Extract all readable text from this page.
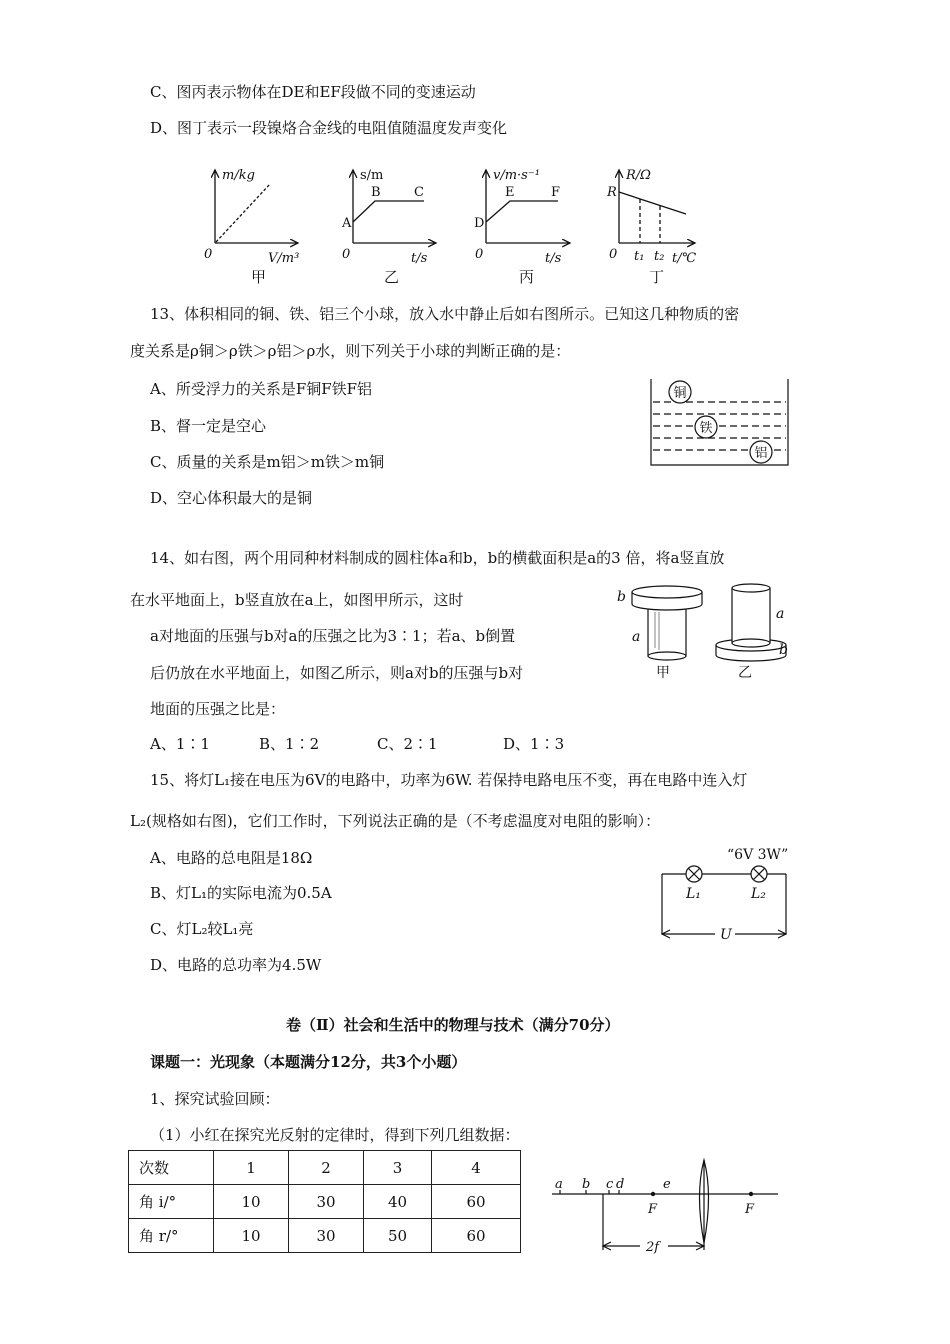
C、图丙表示物体在DE和EF段做不同的变速运动
D、图丁表示一段镍烙合金线的电阻值随温度发声变化
m/kg
V/m³
0
甲
s/m
t/s
0
A
B	C
乙
v/m·s⁻¹
t/s
0
D
E	F
丙
R/Ω
t/℃
0
R
t₁ t₂
丁
13、体积相同的铜、铁、铝三个小球，放入水中静止后如右图所示。已知这几种物质的密
度关系是ρ铜＞ρ铁＞ρ铝＞ρ水，则下列关于小球的判断正确的是：
A、所受浮力的关系是F铜F铁F铝
B、督一定是空心
C、质量的关系是m铝＞m铁＞m铜
D、空心体积最大的是铜
铜
铁
铝
14、如右图，两个用同种材料制成的圆柱体a和b，b的横截面积是a的3 倍，将a竖直放
在水平地面上，b竖直放在a上，如图甲所示，这时
a对地面的压强与b对a的压强之比为3∶1；若a、b倒置
后仍放在水平地面上，如图乙所示，则a对b的压强与b对
地面的压强之比是：
A、1∶1	B、1∶2	C、2∶1	D、1∶3
b
a
甲
a
b
乙
15、将灯L₁接在电压为6V的电路中，功率为6W. 若保持电路电压不变，再在电路中连入灯
L₂(规格如右图)，它们工作时，下列说法正确的是（不考虑温度对电阻的影响）：
A、电路的总电阻是18Ω
B、灯L₁的实际电流为0.5A
C、灯L₂较L₁亮
D、电路的总功率为4.5W
“6V 3W”
L₁	L₂
U
卷（Ⅱ）社会和生活中的物理与技术（满分70分）
课题一：光现象（本题满分12分，共3个小题）
1、探究试验回顾：
（1）小红在探究光反射的定律时，得到下列几组数据：
次数	1	2	3	4
角 i/°	10	30	40	60
角 r/°	10	30	50	60
a b c d	e
F	F
2f
